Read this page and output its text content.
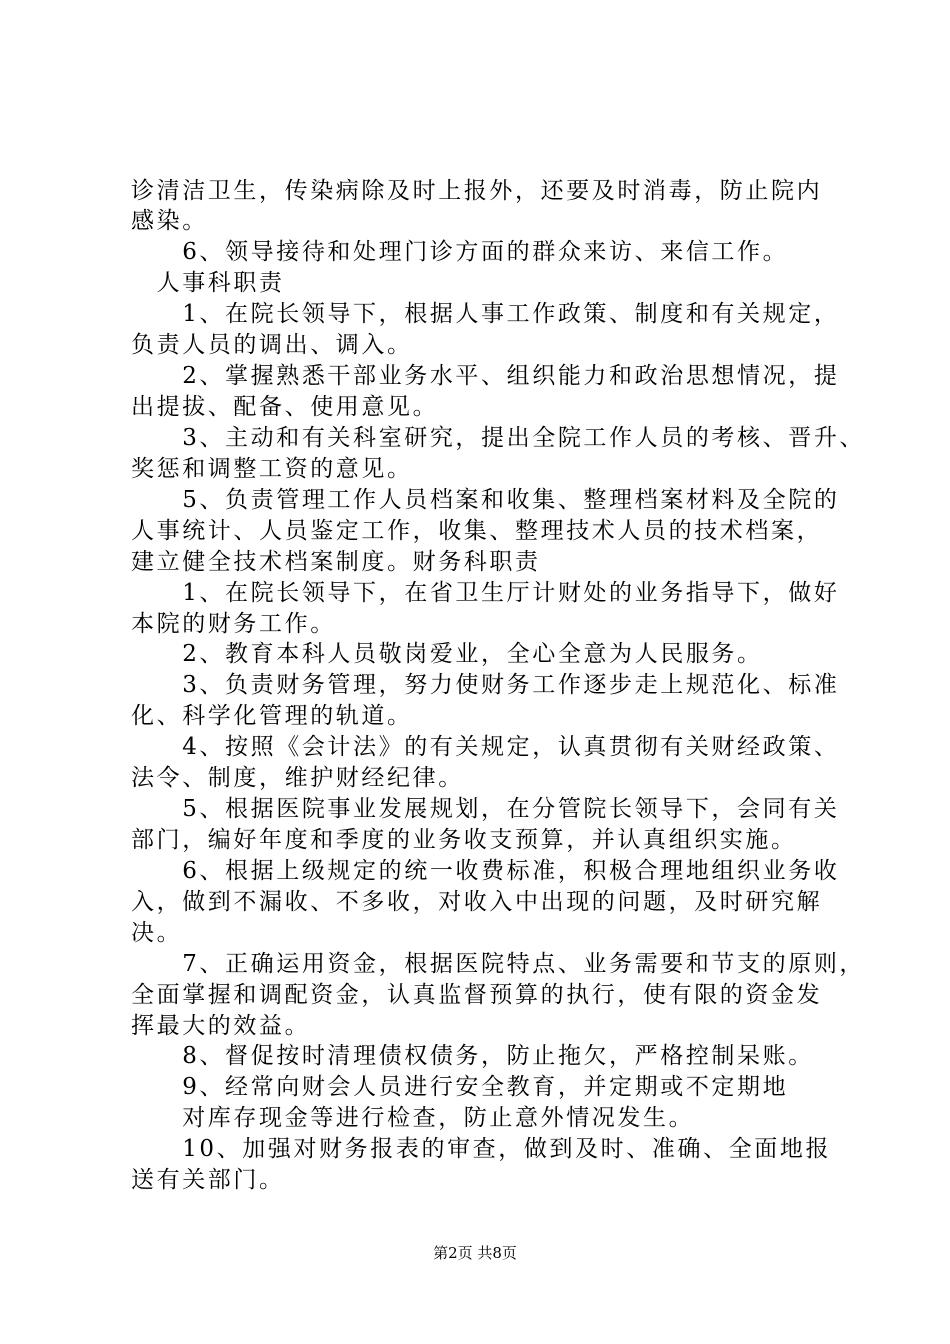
诊清洁卫生，传染病除及时上报外，还要及时消毒，防止院内
感染。
　　6、领导接待和处理门诊方面的群众来访、来信工作。
　人事科职责
　　1、在院长领导下，根据人事工作政策、制度和有关规定，
负责人员的调出、调入。
　　2、掌握熟悉干部业务水平、组织能力和政治思想情况，提
出提拔、配备、使用意见。
　　3、主动和有关科室研究，提出全院工作人员的考核、晋升、
奖惩和调整工资的意见。
　　5、负责管理工作人员档案和收集、整理档案材料及全院的
人事统计、人员鉴定工作，收集、整理技术人员的技术档案，
建立健全技术档案制度。财务科职责
　　1、在院长领导下，在省卫生厅计财处的业务指导下，做好
本院的财务工作。
　　2、教育本科人员敬岗爱业，全心全意为人民服务。
　　3、负责财务管理，努力使财务工作逐步走上规范化、标准
化、科学化管理的轨道。
　　4、按照《会计法》的有关规定，认真贯彻有关财经政策、
法令、制度，维护财经纪律。
　　5、根据医院事业发展规划，在分管院长领导下，会同有关
部门，编好年度和季度的业务收支预算，并认真组织实施。
　　6、根据上级规定的统一收费标准，积极合理地组织业务收
入，做到不漏收、不多收，对收入中出现的问题，及时研究解
决。
　　7、正确运用资金，根据医院特点、业务需要和节支的原则，
全面掌握和调配资金，认真监督预算的执行，使有限的资金发
挥最大的效益。
　　8、督促按时清理债权债务，防止拖欠，严格控制呆账。
　　9、经常向财会人员进行安全教育，并定期或不定期地
　　对库存现金等进行检查，防止意外情况发生。
　　10、加强对财务报表的审查，做到及时、准确、全面地报
送有关部门。
第2页 共8页
